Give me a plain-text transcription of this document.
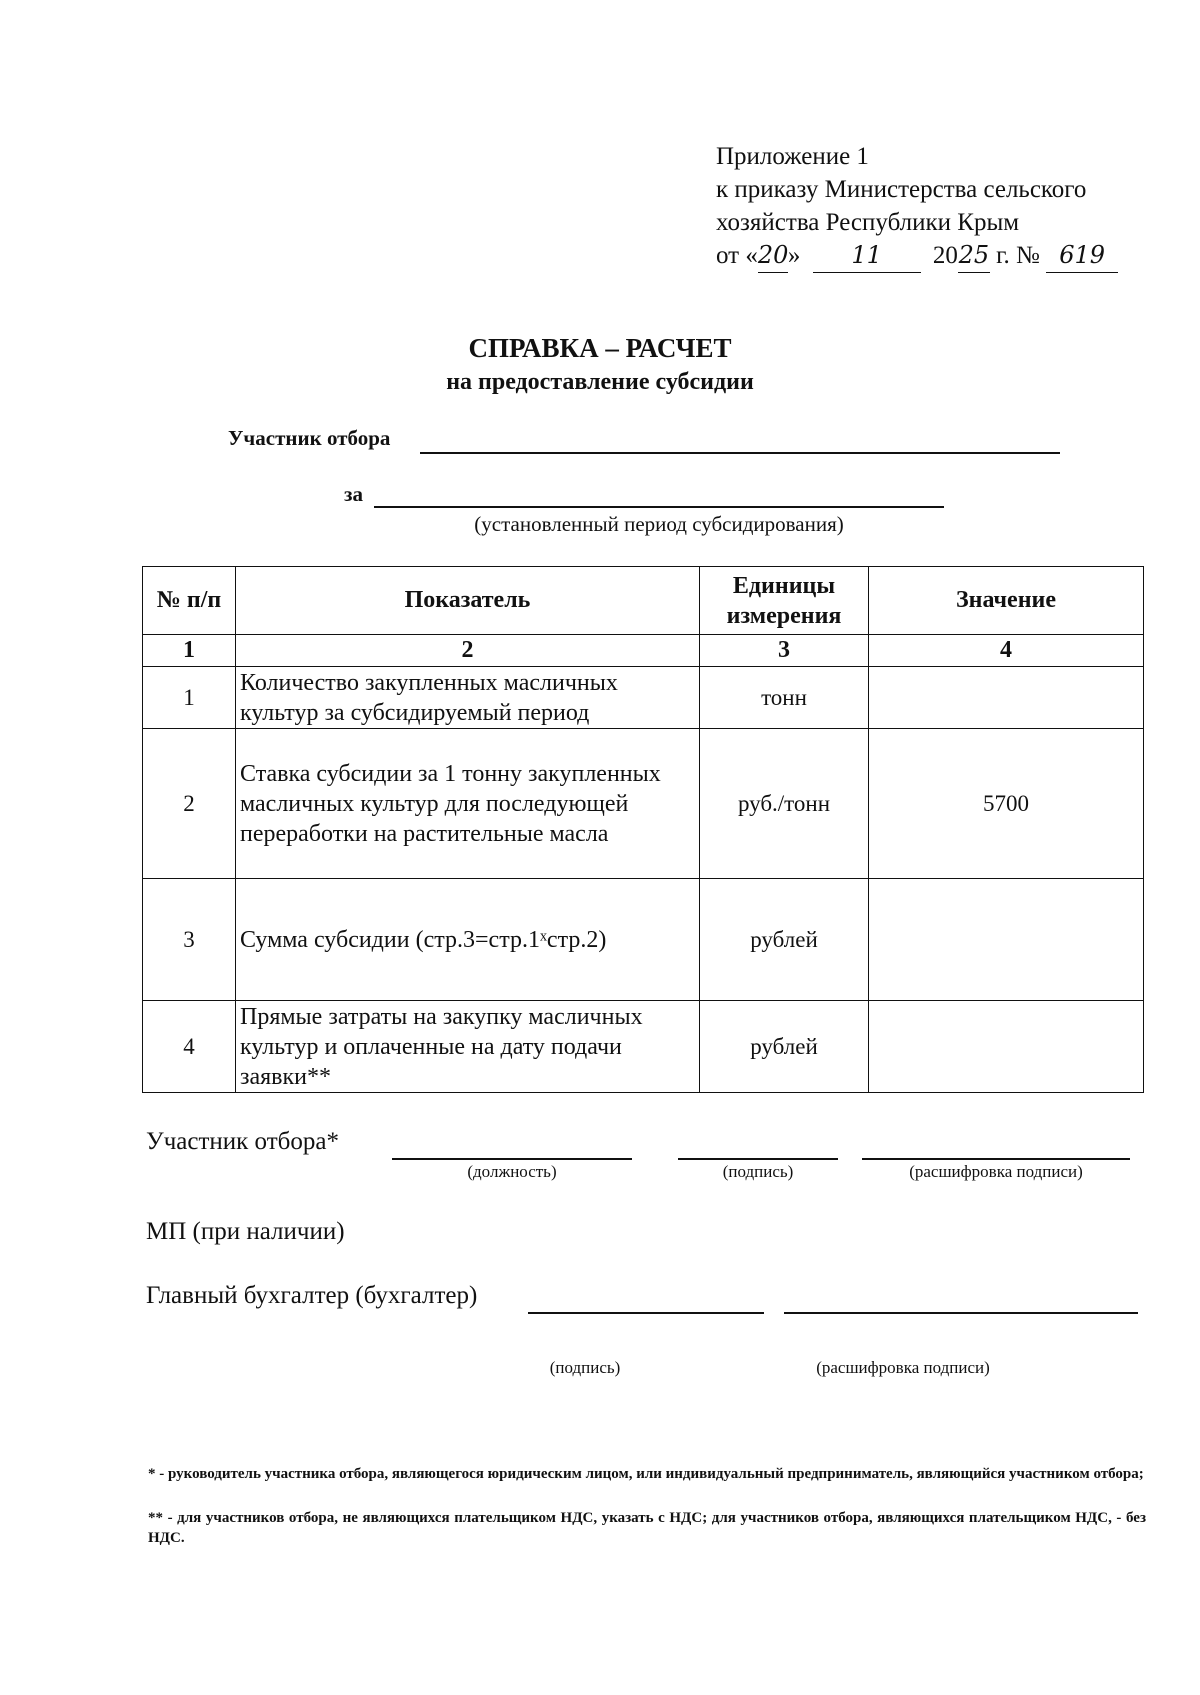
Приложение 1
к приказу Министерства сельского
хозяйства Республики Крым
от «20» 11 2025 г. № 619
СПРАВКА – РАСЧЕТ
на предоставление субсидии
Участник отбора
за
(установленный период субсидирования)
№ п/п	Показатель	Единицы измерения	Значение
1	2	3	4
1	Количество закупленных масличных культур за субсидируемый период	тонн	
2	Ставка субсидии за 1 тонну закупленных масличных культур для последующей переработки на растительные масла	руб./тонн	5700
3	Сумма субсидии (стр.3=стр.1ˣстр.2)	рублей	
4	Прямые затраты на закупку масличных культур и оплаченные на дату подачи заявки**	рублей	
Участник отбора*
(должность)	(подпись)	(расшифровка подписи)
МП (при наличии)
Главный бухгалтер (бухгалтер)
(подпись)	(расшифровка подписи)
* - руководитель участника отбора, являющегося юридическим лицом, или индивидуальный предприниматель, являющийся участником отбора;
** - для участников отбора, не являющихся плательщиком НДС, указать с НДС; для участников отбора, являющихся плательщиком НДС, - без НДС.
